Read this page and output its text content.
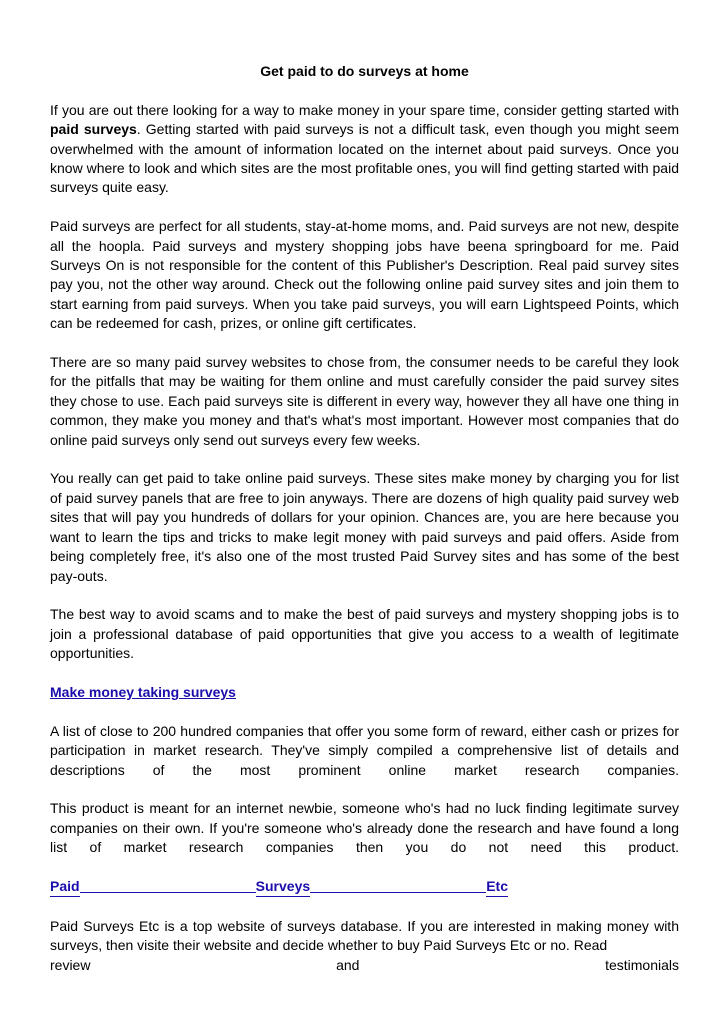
Get paid to do surveys at home

If you are out there looking for a way to make money in your spare time, consider getting started with paid surveys. Getting started with paid surveys is not a difficult task, even though you might seem overwhelmed with the amount of information located on the internet about paid surveys. Once you know where to look and which sites are the most profitable ones, you will find getting started with paid surveys quite easy.

Paid surveys are perfect for all students, stay-at-home moms, and. Paid surveys are not new, despite all the hoopla. Paid surveys and mystery shopping jobs have beena springboard for me. Paid Surveys On is not responsible for the content of this Publisher's Description. Real paid survey sites pay you, not the other way around. Check out the following online paid survey sites and join them to start earning from paid surveys. When you take paid surveys, you will earn Lightspeed Points, which can be redeemed for cash, prizes, or online gift certificates.

There are so many paid survey websites to chose from, the consumer needs to be careful they look for the pitfalls that may be waiting for them online and must carefully consider the paid survey sites they chose to use. Each paid surveys site is different in every way, however they all have one thing in common, they make you money and that's what's most important. However most companies that do online paid surveys only send out surveys every few weeks.

You really can get paid to take online paid surveys. These sites make money by charging you for list of paid survey panels that are free to join anyways. There are dozens of high quality paid survey web sites that will pay you hundreds of dollars for your opinion. Chances are, you are here because you want to learn the tips and tricks to make legit money with paid surveys and paid offers. Aside from being completely free, it's also one of the most trusted Paid Survey sites and has some of the best pay-outs.

The best way to avoid scams and to make the best of paid surveys and mystery shopping jobs is to join a professional database of paid opportunities that give you access to a wealth of legitimate opportunities.

Make money taking surveys

A list of close to 200 hundred companies that offer you some form of reward, either cash or prizes for participation in market research. They've simply compiled a comprehensive list of details and descriptions of the most prominent online market research companies.

This product is meant for an internet newbie, someone who's had no luck finding legitimate survey companies on their own. If you're someone who's already done the research and have found a long list of market research companies then you do not need this product.

Paid	Surveys	Etc

Paid Surveys Etc is a top website of surveys database. If you are interested in making money with surveys, then visite their website and decide whether to buy Paid Surveys Etc or no. Read

review	and	testimonials
